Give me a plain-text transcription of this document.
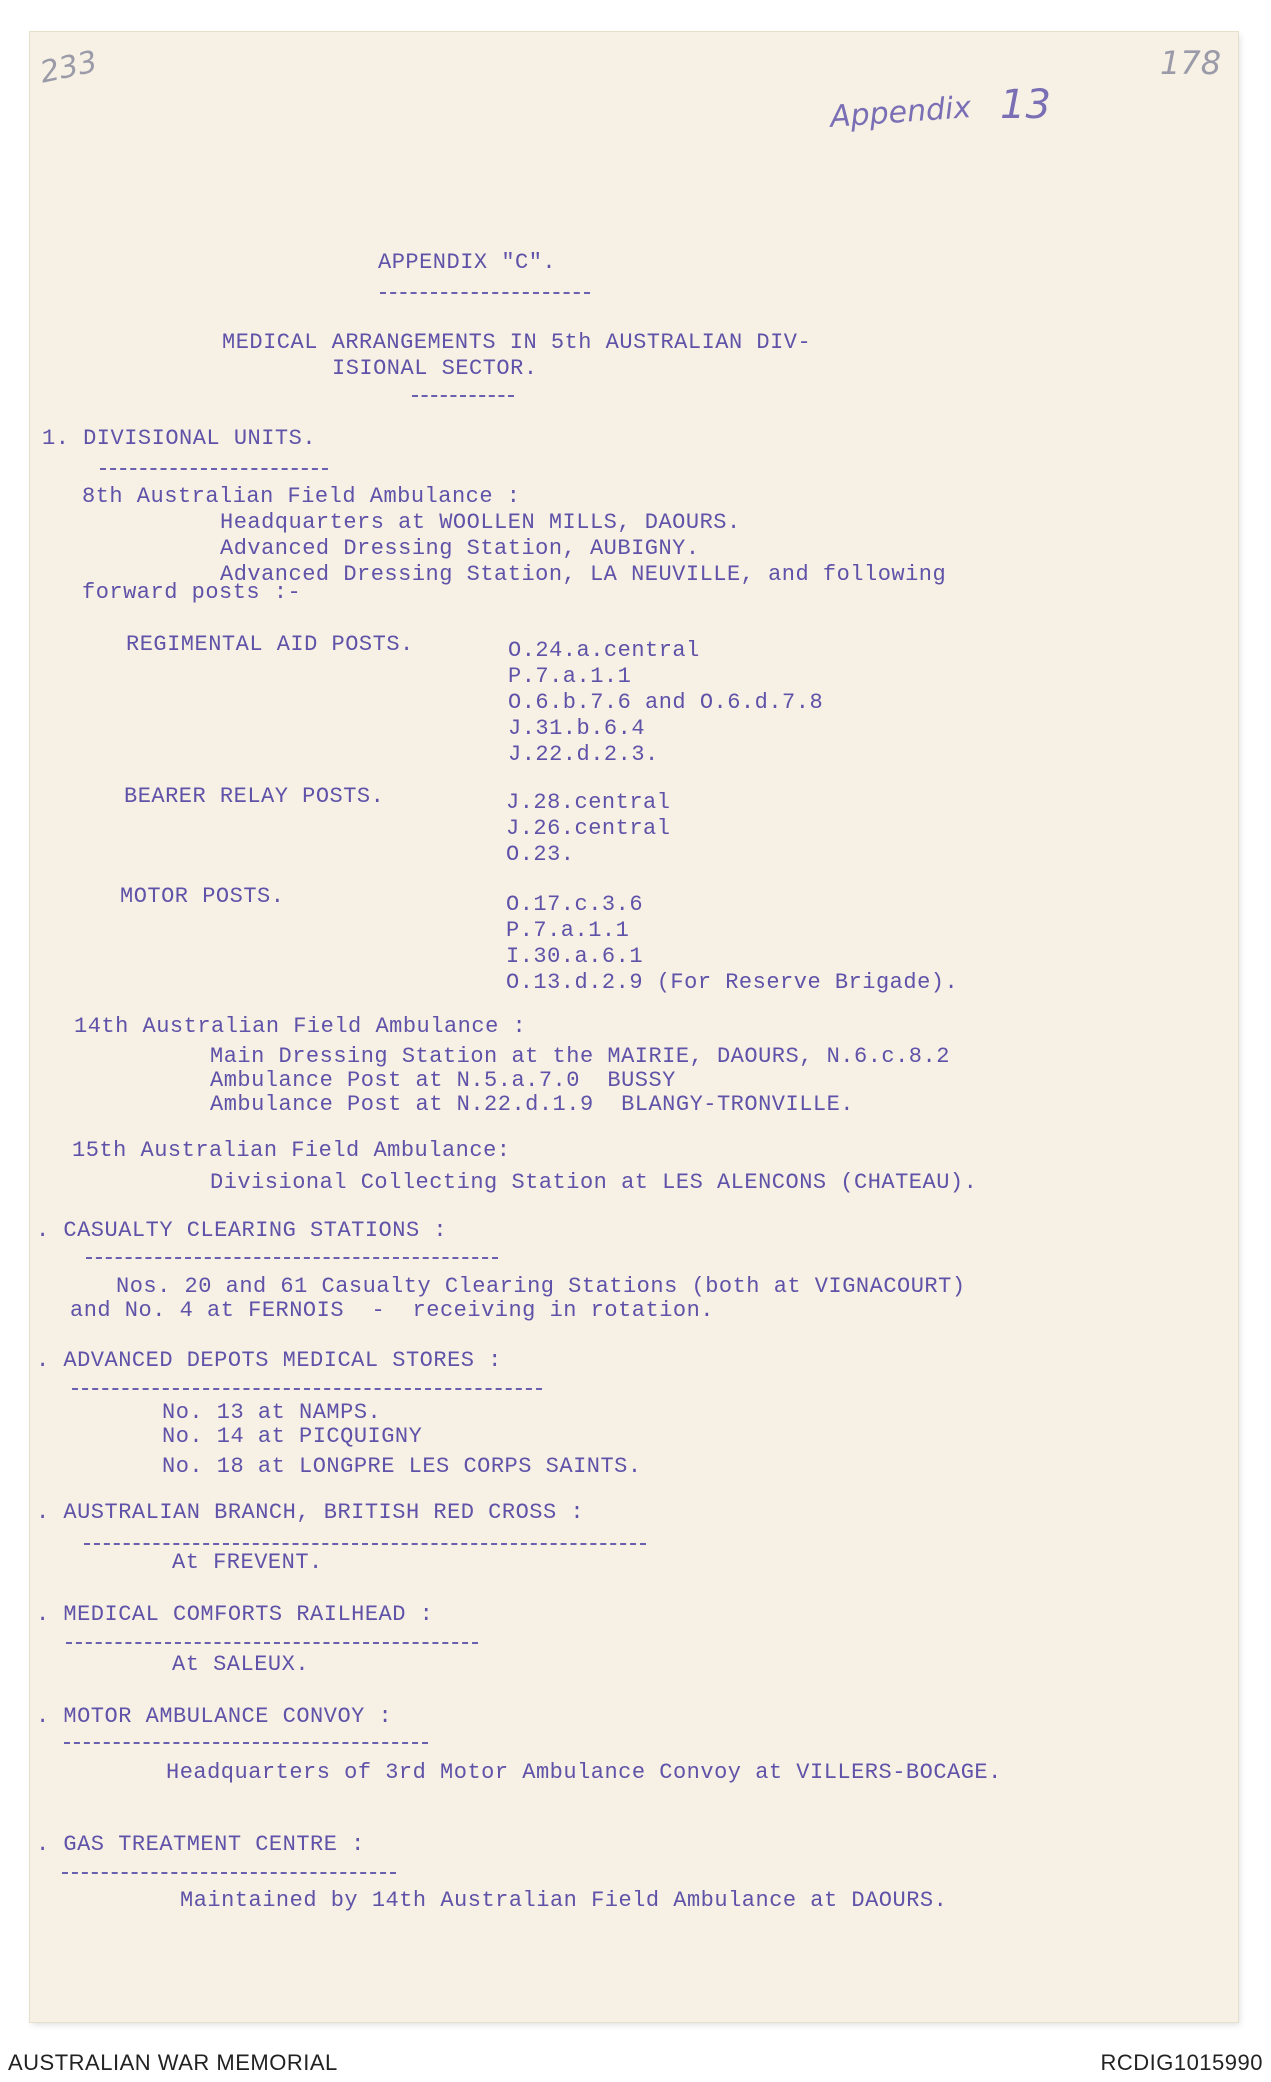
233	178
Appendix 13
APPENDIX "C".
MEDICAL ARRANGEMENTS IN 5th AUSTRALIAN DIV-
ISIONAL SECTOR.
1. DIVISIONAL UNITS.
8th Australian Field Ambulance :
Headquarters at WOOLLEN MILLS, DAOURS.
Advanced Dressing Station, AUBIGNY.
Advanced Dressing Station, LA NEUVILLE, and following
forward posts :-
REGIMENTAL AID POSTS.	O.24.a.central
P.7.a.1.1
O.6.b.7.6 and O.6.d.7.8
J.31.b.6.4
J.22.d.2.3.
BEARER RELAY POSTS.	J.28.central
J.26.central
O.23.
MOTOR POSTS.	O.17.c.3.6
P.7.a.1.1
I.30.a.6.1
O.13.d.2.9 (For Reserve Brigade).
14th Australian Field Ambulance :
Main Dressing Station at the MAIRIE, DAOURS, N.6.c.8.2
Ambulance Post at N.5.a.7.0  BUSSY
Ambulance Post at N.22.d.1.9  BLANGY-TRONVILLE.
15th Australian Field Ambulance:
Divisional Collecting Station at LES ALENCONS (CHATEAU).
. CASUALTY CLEARING STATIONS :
Nos. 20 and 61 Casualty Clearing Stations (both at VIGNACOURT)
and No. 4 at FERNOIS  -  receiving in rotation.
. ADVANCED DEPOTS MEDICAL STORES :
No. 13 at NAMPS.
No. 14 at PICQUIGNY
No. 18 at LONGPRE LES CORPS SAINTS.
. AUSTRALIAN BRANCH, BRITISH RED CROSS :
At FREVENT.
. MEDICAL COMFORTS RAILHEAD :
At SALEUX.
. MOTOR AMBULANCE CONVOY :
Headquarters of 3rd Motor Ambulance Convoy at VILLERS-BOCAGE.
. GAS TREATMENT CENTRE :
Maintained by 14th Australian Field Ambulance at DAOURS.
AUSTRALIAN WAR MEMORIAL	RCDIG1015990
